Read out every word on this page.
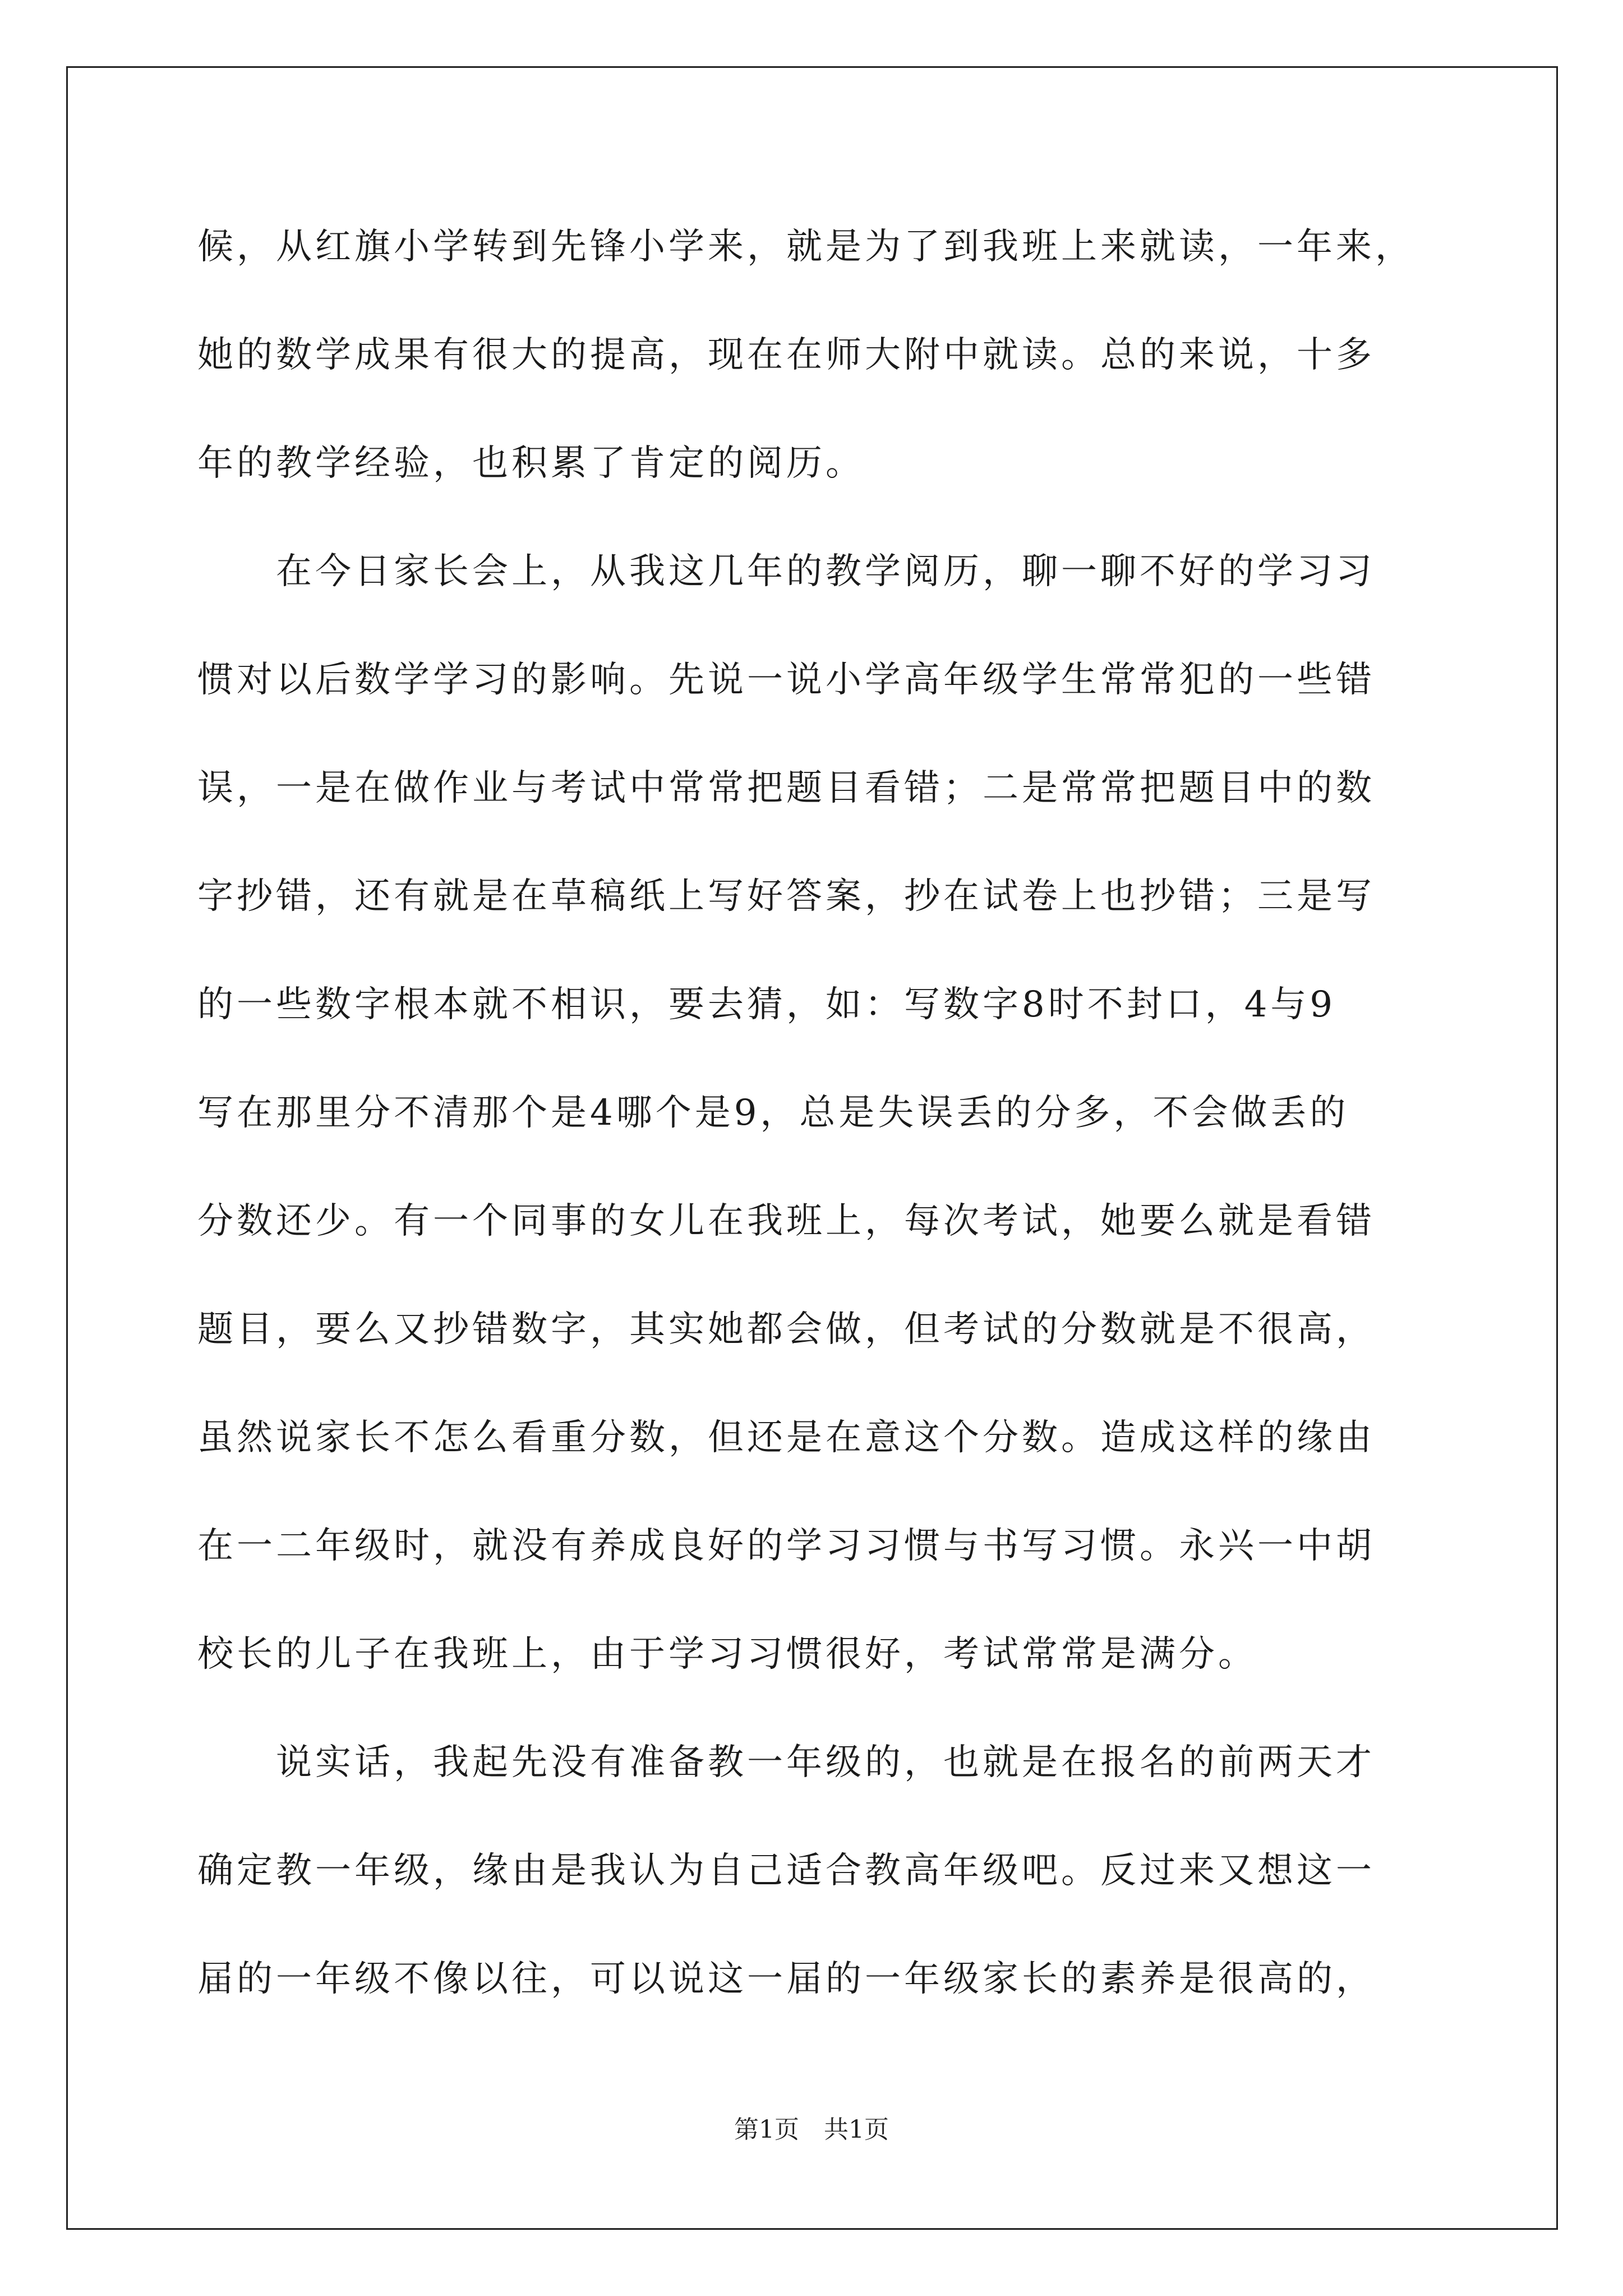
候，从红旗小学转到先锋小学来，就是为了到我班上来就读，一年来，
她的数学成果有很大的提高，现在在师大附中就读。总的来说，十多
年的教学经验，也积累了肯定的阅历。
　　在今日家长会上，从我这几年的教学阅历，聊一聊不好的学习习
惯对以后数学学习的影响。先说一说小学高年级学生常常犯的一些错
误，一是在做作业与考试中常常把题目看错；二是常常把题目中的数
字抄错，还有就是在草稿纸上写好答案，抄在试卷上也抄错；三是写
的一些数字根本就不相识，要去猜，如：写数字8时不封口，4与9
写在那里分不清那个是4哪个是9，总是失误丢的分多，不会做丢的
分数还少。有一个同事的女儿在我班上，每次考试，她要么就是看错
题目，要么又抄错数字，其实她都会做，但考试的分数就是不很高，
虽然说家长不怎么看重分数，但还是在意这个分数。造成这样的缘由
在一二年级时，就没有养成良好的学习习惯与书写习惯。永兴一中胡
校长的儿子在我班上，由于学习习惯很好，考试常常是满分。
　　说实话，我起先没有准备教一年级的，也就是在报名的前两天才
确定教一年级，缘由是我认为自己适合教高年级吧。反过来又想这一
届的一年级不像以往，可以说这一届的一年级家长的素养是很高的，
第1页　共1页
